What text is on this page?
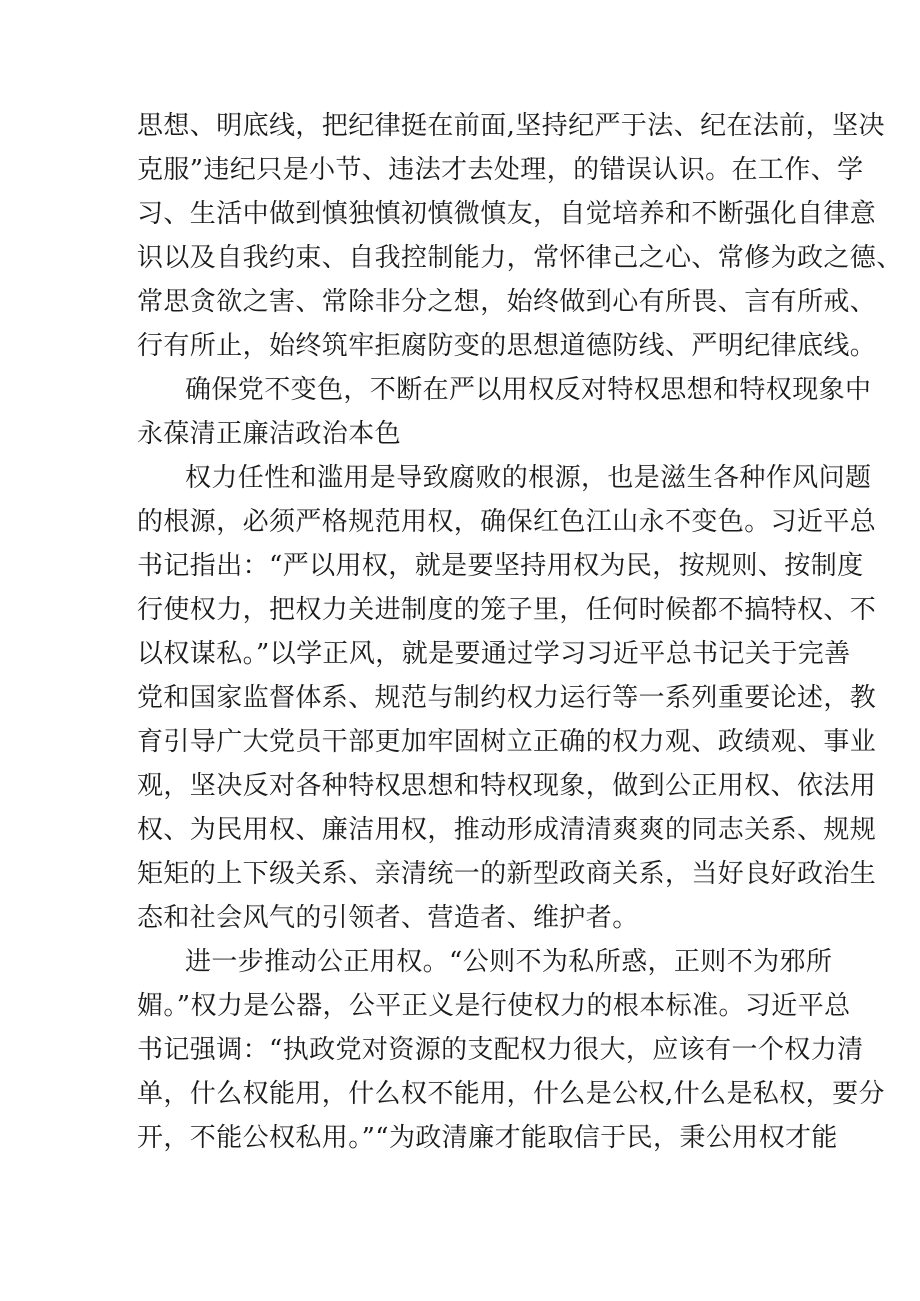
思想、明底线，把纪律挺在前面,坚持纪严于法、纪在法前，坚决
克服”违纪只是小节、违法才去处理，的错误认识。在工作、学
习、生活中做到慎独慎初慎微慎友，自觉培养和不断强化自律意
识以及自我约束、自我控制能力，常怀律己之心、常修为政之德、
常思贪欲之害、常除非分之想，始终做到心有所畏、言有所戒、
行有所止，始终筑牢拒腐防变的思想道德防线、严明纪律底线。
确保党不变色，不断在严以用权反对特权思想和特权现象中
永葆清正廉洁政治本色
权力任性和滥用是导致腐败的根源，也是滋生各种作风问题
的根源，必须严格规范用权，确保红色江山永不变色。习近平总
书记指出：“严以用权，就是要坚持用权为民，按规则、按制度
行使权力，把权力关进制度的笼子里，任何时候都不搞特权、不
以权谋私。”以学正风，就是要通过学习习近平总书记关于完善
党和国家监督体系、规范与制约权力运行等一系列重要论述，教
育引导广大党员干部更加牢固树立正确的权力观、政绩观、事业
观，坚决反对各种特权思想和特权现象，做到公正用权、依法用
权、为民用权、廉洁用权，推动形成清清爽爽的同志关系、规规
矩矩的上下级关系、亲清统一的新型政商关系，当好良好政治生
态和社会风气的引领者、营造者、维护者。
进一步推动公正用权。“公则不为私所惑，正则不为邪所
媚。”权力是公器，公平正义是行使权力的根本标准。习近平总
书记强调：“执政党对资源的支配权力很大，应该有一个权力清
单，什么权能用，什么权不能用，什么是公权,什么是私权，要分
开，不能公权私用。”“为政清廉才能取信于民，秉公用权才能
